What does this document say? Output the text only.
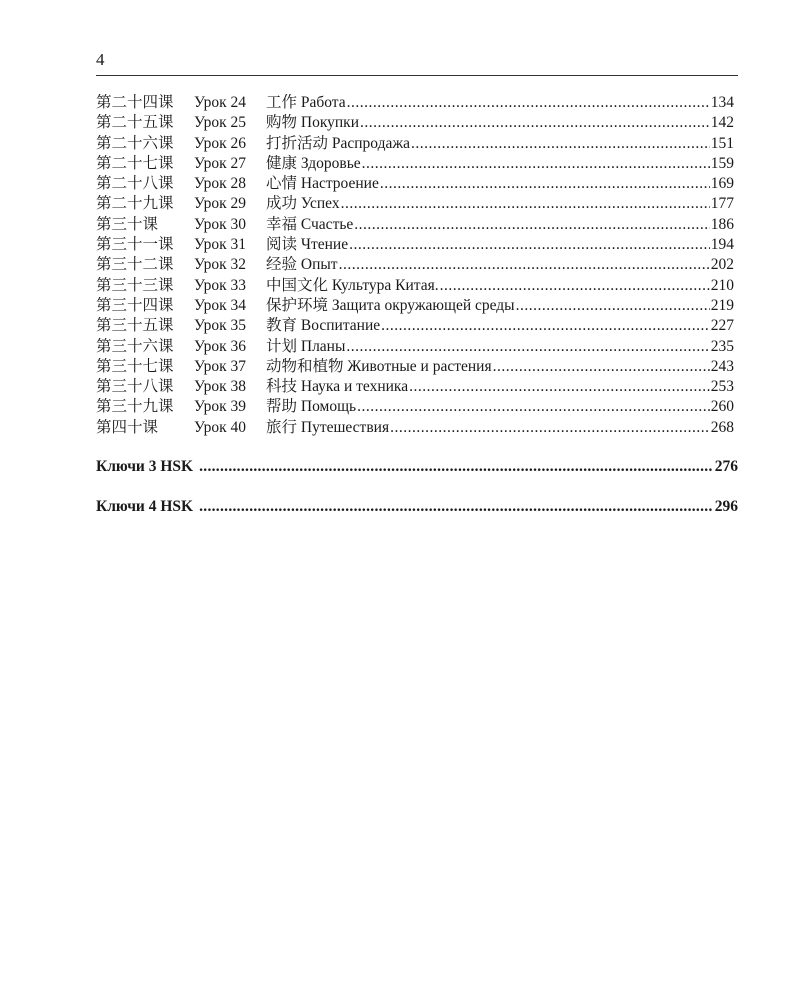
4
第二十四课	Урок 24	工作 Работа .....	134
第二十五课	Урок 25	购物 Покупки .....	142
第二十六课	Урок 26	打折活动 Распродажа .....	151
第二十七课	Урок 27	健康 Здоровье .....	159
第二十八课	Урок 28	心情 Настроение .....	169
第二十九课	Урок 29	成功 Успех .....	177
第三十课	Урок 30	幸福 Счастье .....	186
第三十一课	Урок 31	阅读 Чтение .....	194
第三十二课	Урок 32	经验 Опыт .....	202
第三十三课	Урок 33	中国文化 Культура Китая. .....	210
第三十四课	Урок 34	保护环境 Защита окружающей среды .....	219
第三十五课	Урок 35	教育 Воспитание .....	227
第三十六课	Урок 36	计划 Планы .....	235
第三十七课	Урок 37	动物和植物 Животные и растения .....	243
第三十八课	Урок 38	科技 Наука и техника .....	253
第三十九课	Урок 39	帮助 Помощь .....	260
第四十课	Урок 40	旅行 Путешествия .....	268
Ключи 3 HSK .....	276
Ключи 4 HSK .....	296
